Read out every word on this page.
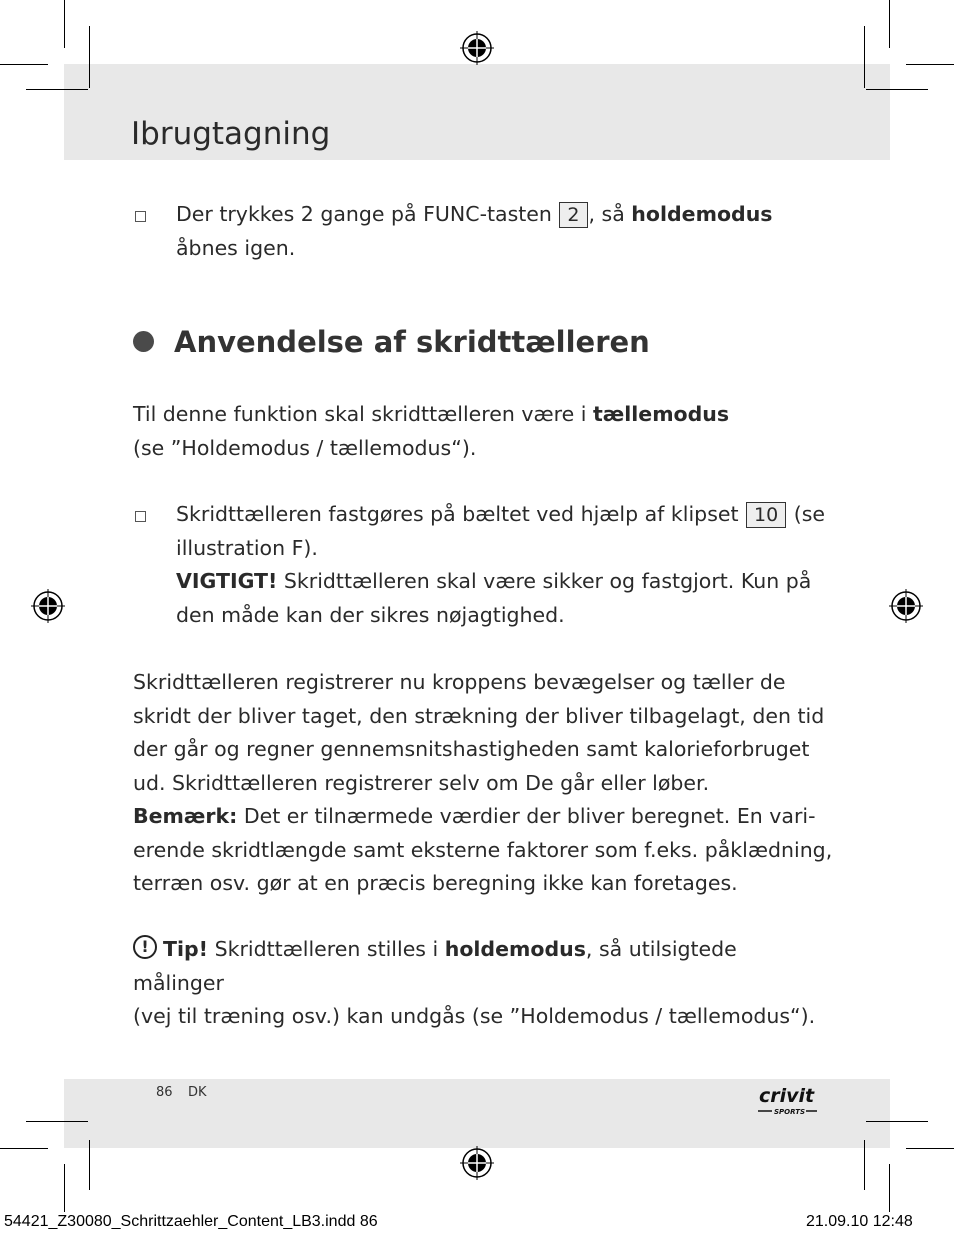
Ibrugtagning
Der trykkes 2 gange på FUNC-tasten 2 , så holdemodus
åbnes igen.
Anvendelse af skridttælleren
Til denne funktion skal skridttælleren være i tællemodus
(se ”Holdemodus / tællemodus“).
Skridttælleren fastgøres på bæltet ved hjælp af klipset 10 (se
illustration F).
VIGTIGT! Skridttælleren skal være sikker og fastgjort. Kun på
den måde kan der sikres nøjagtighed.
Skridttælleren registrerer nu kroppens bevægelser og tæller de
skridt der bliver taget, den strækning der bliver tilbagelagt, den tid
der går og regner gennemsnitshastigheden samt kalorieforbruget
ud. Skridttælleren registrerer selv om De går eller løber.
Bemærk: Det er tilnærmede værdier der bliver beregnet. En vari-
erende skridtlængde samt eksterne faktorer som f.eks. påklædning,
terræn osv. gør at en præcis beregning ikke kan foretages.
! Tip! Skridttælleren stilles i holdemodus, så utilsigtede målinger
(vej til træning osv.) kan undgås (se ”Holdemodus / tællemodus“).
86 DK	crivit
SPORTS
54421_Z30080_Schrittzaehler_Content_LB3.indd 86	21.09.10 12:48
